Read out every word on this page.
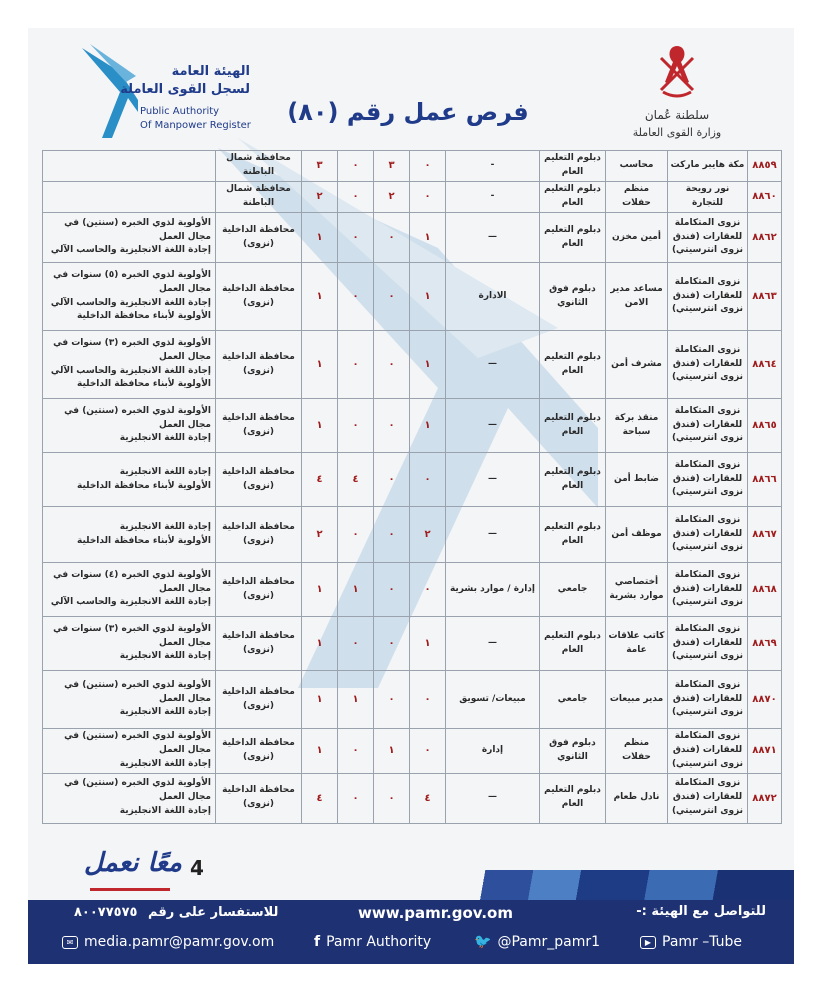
الهيئة العامة
لسجل القوى العاملة
Public Authority
Of Manpower Register	فرص عمل رقم (٨٠)	سلطنة عُمان
وزارة القوى العاملة
٨٨٥٩	مكة هايبر ماركت	محاسب	دبلوم التعليم العام	-	٠	٣	٠	٣	محافظة شمال الباطنة	
٨٨٦٠	نور رويحة للتجارة	منظم حفلات	دبلوم التعليم العام	-	٠	٢	٠	٢	محافظة شمال الباطنة	
٨٨٦٢	نزوى المتكاملة للعقارات (فندق نزوى انترسيتي)	أمين مخزن	دبلوم التعليم العام	—	١	٠	٠	١	محافظة الداخلية (نزوى)	الأولوية لذوي الخبره (سنتين) في مجال العمل
إجادة اللغة الانجليزية والحاسب الآلي

٨٨٦٣	نزوى المتكاملة للعقارات (فندق نزوى انترسيتي)	مساعد مدير الامن	دبلوم فوق الثانوي	الادارة	١	٠	٠	١	محافظة الداخلية (نزوى)	الأولوية لذوي الخبره (٥) سنوات في مجال العمل
إجادة اللغة الانجليزية والحاسب الآلي
الأولوية لأبناء محافظة الداخلية

٨٨٦٤	نزوى المتكاملة للعقارات (فندق نزوى انترسيتي)	مشرف أمن	دبلوم التعليم العام	—	١	٠	٠	١	محافظة الداخلية (نزوى)	الأولوية لذوي الخبره (٣) سنوات في مجال العمل
إجادة اللغة الانجليزية والحاسب الآلي
الأولوية لأبناء محافظة الداخلية

٨٨٦٥	نزوى المتكاملة للعقارات (فندق نزوى انترسيتي)	منقذ بركة سباحة	دبلوم التعليم العام	—	١	٠	٠	١	محافظة الداخلية (نزوى)	الأولوية لذوي الخبره (سنتين) في مجال العمل
إجادة اللغة الانجليزية

٨٨٦٦	نزوى المتكاملة للعقارات (فندق نزوى انترسيتي)	ضابط أمن	دبلوم التعليم العام	—	٠	٠	٤	٤	محافظة الداخلية (نزوى)	إجادة اللغة الانجليزية
الأولوية لأبناء محافظة الداخلية

٨٨٦٧	نزوى المتكاملة للعقارات (فندق نزوى انترسيتي)	موظف أمن	دبلوم التعليم العام	—	٢	٠	٠	٢	محافظة الداخلية (نزوى)	إجادة اللغة الانجليزية
الأولوية لأبناء محافظة الداخلية

٨٨٦٨	نزوى المتكاملة للعقارات (فندق نزوى انترسيتي)	أختصاصي موارد بشرية	جامعي	إدارة / موارد بشرية	٠	٠	١	١	محافظة الداخلية (نزوى)	الأولوية لذوي الخبره (٤) سنوات في مجال العمل
إجادة اللغة الانجليزية والحاسب الآلي

٨٨٦٩	نزوى المتكاملة للعقارات (فندق نزوى انترسيتي)	كاتب علاقات عامة	دبلوم التعليم العام	—	١	٠	٠	١	محافظة الداخلية (نزوى)	الأولوية لذوي الخبره (٣) سنوات في مجال العمل
إجادة اللغة الانجليزية

٨٨٧٠	نزوى المتكاملة للعقارات (فندق نزوى انترسيتي)	مدير مبيعات	جامعي	مبيعات/ تسويق	٠	٠	١	١	محافظة الداخلية (نزوى)	الأولوية لذوي الخبره (سنتين) في مجال العمل
إجادة اللغة الانجليزية

٨٨٧١	نزوى المتكاملة للعقارات (فندق نزوى انترسيتي)	منظم حفلات	دبلوم فوق الثانوي	إدارة	٠	١	٠	١	محافظة الداخلية (نزوى)	الأولوية لذوي الخبره (سنتين) في مجال العمل
إجادة اللغة الانجليزية

٨٨٧٢	نزوى المتكاملة للعقارات (فندق نزوى انترسيتي)	نادل طعام	دبلوم التعليم العام	—	٤	٠	٠	٤	محافظة الداخلية (نزوى)	الأولوية لذوي الخبره (سنتين) في مجال العمل
إجادة اللغة الانجليزية
معًا نعمل 4
للتواصل مع الهيئة :-
www.pamr.gov.om
للاستفسار على رقم
٨٠٠٧٧٥٧٥
✉ media.pamr@pamr.gov.om	f Pamr Authority	🐦 @Pamr_pamr1	▶ Pamr –Tube
